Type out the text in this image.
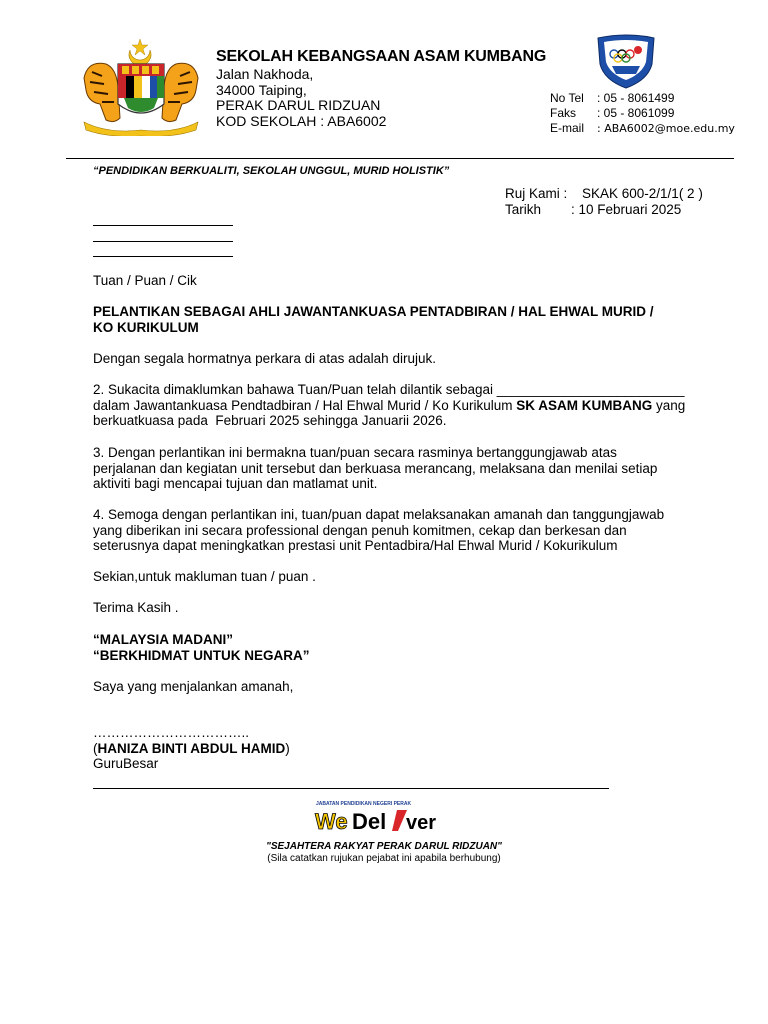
SEKOLAH KEBANGSAAN ASAM KUMBANG
Jalan Nakhoda,
34000 Taiping,
PERAK DARUL RIDZUAN
KOD SEKOLAH : ABA6002
No Tel	: 05 - 8061499
Faks	: 05 - 8061099
E-mail	: ABA6002@moe.edu.my
“PENDIDIKAN BERKUALITI, SEKOLAH UNGGUL, MURID HOLISTIK”
Ruj Kami :	SKAK 600-2/1/1( 2 )
Tarikh	: 10 Februari 2025
Tuan / Puan / Cik
PELANTIKAN SEBAGAI AHLI JAWANTANKUASA PENTADBIRAN / HAL EHWAL MURID /
KO KURIKULUM
Dengan segala hormatnya perkara di atas adalah dirujuk.
2. Sukacita dimaklumkan bahawa Tuan/Puan telah dilantik sebagai _________________________
dalam Jawantankuasa Pendtadbiran / Hal Ehwal Murid / Ko Kurikulum SK ASAM KUMBANG yang
berkuatkuasa pada  Februari 2025 sehingga Januarii 2026.
3. Dengan perlantikan ini bermakna tuan/puan secara rasminya bertanggungjawab atas perjalanan dan kegiatan unit tersebut dan berkuasa merancang, melaksana dan menilai setiap aktiviti bagi mencapai tujuan dan matlamat unit.
4. Semoga dengan perlantikan ini, tuan/puan dapat melaksanakan amanah dan tanggungjawab yang diberikan ini secara professional dengan penuh komitmen, cekap dan berkesan dan seterusnya dapat meningkatkan prestasi unit Pentadbira/Hal Ehwal Murid / Kokurikulum
Sekian,untuk makluman tuan / puan .
Terima Kasih .
“MALAYSIA MADANI”
“BERKHIDMAT UNTUK NEGARA”
Saya yang menjalankan amanah,
……………………………..
(HANIZA BINTI ABDUL HAMID)
GuruBesar
JABATAN PENDIDIKAN NEGERI PERAK
We Del ver
"SEJAHTERA RAKYAT PERAK DARUL RIDZUAN"
(Sila catatkan rujukan pejabat ini apabila berhubung)
